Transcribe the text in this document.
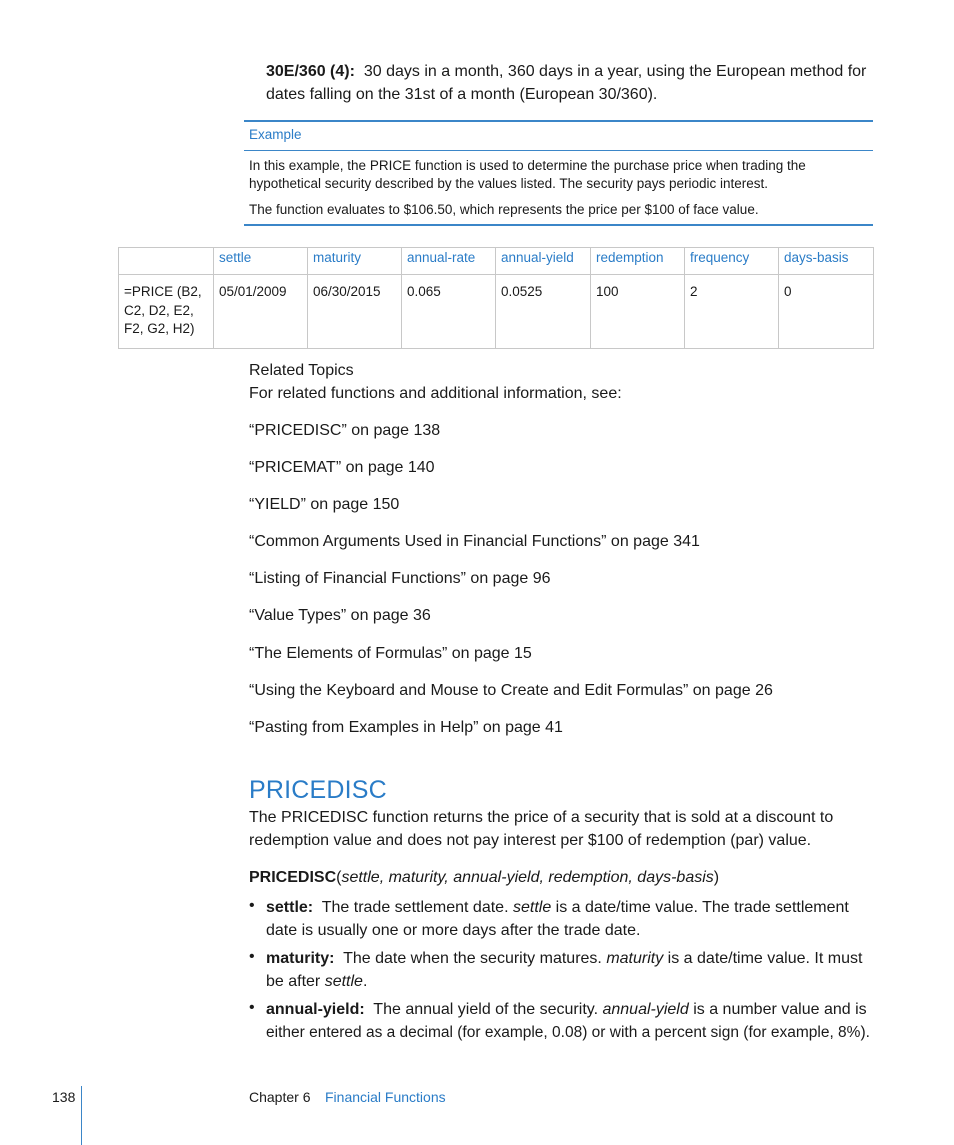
30E/360 (4): 30 days in a month, 360 days in a year, using the European method for
dates falling on the 31st of a month (European 30/360).
Example
In this example, the PRICE function is used to determine the purchase price when trading the
hypothetical security described by the values listed. The security pays periodic interest.
The function evaluates to $106.50, which represents the price per $100 of face value.
	settle	maturity	annual-rate	annual-yield	redemption	frequency	days-basis
=PRICE (B2, C2, D2, E2, F2, G2, H2)	05/01/2009	06/30/2015	0.065	0.0525	100	2	0
Related Topics
For related functions and additional information, see:
“PRICEDISC” on page 138
“PRICEMAT” on page 140
“YIELD” on page 150
“Common Arguments Used in Financial Functions” on page 341
“Listing of Financial Functions” on page 96
“Value Types” on page 36
“The Elements of Formulas” on page 15
“Using the Keyboard and Mouse to Create and Edit Formulas” on page 26
“Pasting from Examples in Help” on page 41
PRICEDISC
The PRICEDISC function returns the price of a security that is sold at a discount to
redemption value and does not pay interest per $100 of redemption (par) value.
PRICEDISC(settle, maturity, annual-yield, redemption, days-basis)
• settle: The trade settlement date. settle is a date/time value. The trade settlement
date is usually one or more days after the trade date.
• maturity: The date when the security matures. maturity is a date/time value. It must
be after settle.
• annual-yield: The annual yield of the security. annual-yield is a number value and is
either entered as a decimal (for example, 0.08) or with a percent sign (for example, 8%).
138	Chapter 6 Financial Functions
